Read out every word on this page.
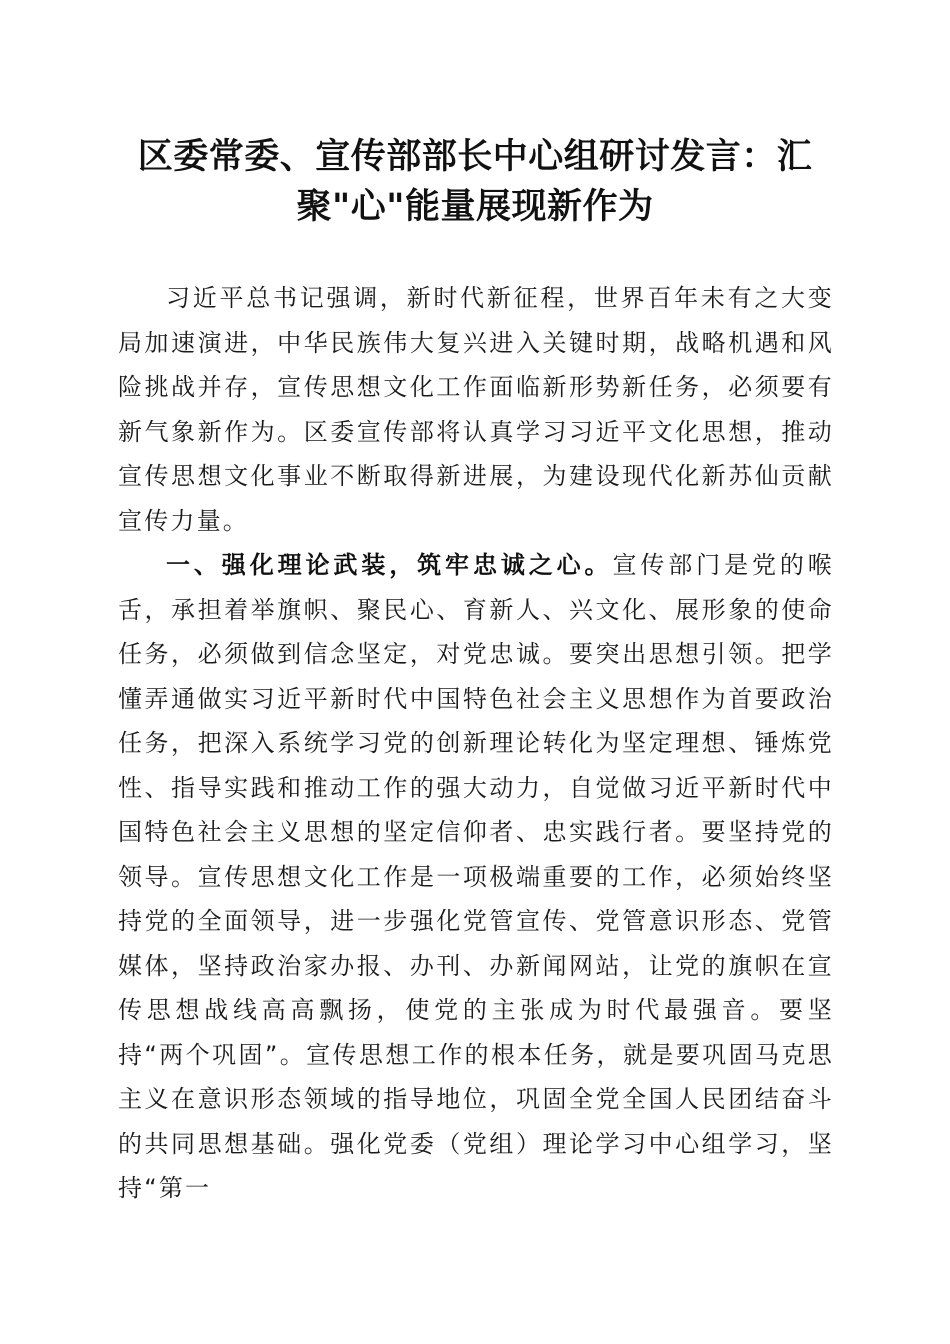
区委常委、宣传部部长中心组研讨发言：汇聚"心"能量展现新作为

习近平总书记强调，新时代新征程，世界百年未有之大变局加速演进，中华民族伟大复兴进入关键时期，战略机遇和风险挑战并存，宣传思想文化工作面临新形势新任务，必须要有新气象新作为。区委宣传部将认真学习习近平文化思想，推动宣传思想文化事业不断取得新进展，为建设现代化新苏仙贡献宣传力量。

一、强化理论武装，筑牢忠诚之心。宣传部门是党的喉舌，承担着举旗帜、聚民心、育新人、兴文化、展形象的使命任务，必须做到信念坚定，对党忠诚。要突出思想引领。把学懂弄通做实习近平新时代中国特色社会主义思想作为首要政治任务，把深入系统学习党的创新理论转化为坚定理想、锤炼党性、指导实践和推动工作的强大动力，自觉做习近平新时代中国特色社会主义思想的坚定信仰者、忠实践行者。要坚持党的领导。宣传思想文化工作是一项极端重要的工作，必须始终坚持党的全面领导，进一步强化党管宣传、党管意识形态、党管媒体，坚持政治家办报、办刊、办新闻网站，让党的旗帜在宣传思想战线高高飘扬，使党的主张成为时代最强音。要坚持“两个巩固”。宣传思想工作的根本任务，就是要巩固马克思主义在意识形态领域的指导地位，巩固全党全国人民团结奋斗的共同思想基础。强化党委（党组）理论学习中心组学习，坚持“第一
